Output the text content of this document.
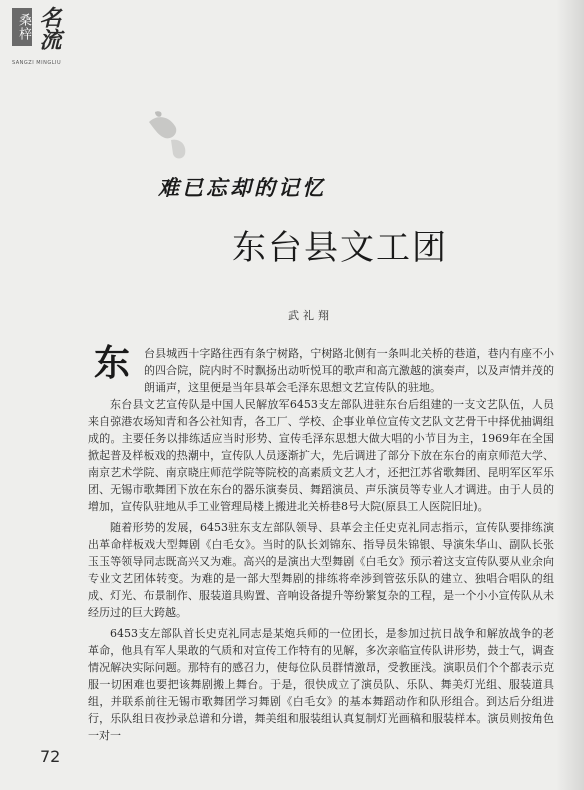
桑梓 名流
SANGZI MINGLIU
难已忘却的记忆
东台县文工团
武礼翔
东 台县城西十字路往西有条宁树路，宁树路北侧有一条叫北关桥的巷道，巷内有座不小的四合院，院内时不时飘扬出动听悦耳的歌声和高亢激越的演奏声，以及声情并茂的朗诵声，这里便是当年县革会毛泽东思想文艺宣传队的驻地。

东台县文艺宣传队是中国人民解放军6453支左部队进驻东台后组建的一支文艺队伍，人员来自弶港农场知青和各公社知青，各工厂、学校、企事业单位宣传文艺队文艺骨干中择优抽调组成的。主要任务以排练适应当时形势、宣传毛泽东思想大做大唱的小节目为主，1969年在全国掀起普及样板戏的热潮中，宣传队人员逐渐扩大，先后调进了部分下放在东台的南京师范大学、南京艺术学院、南京晓庄师范学院等院校的高素质文艺人才，还把江苏省歌舞团、昆明军区军乐团、无锡市歌舞团下放在东台的器乐演奏员、舞蹈演员、声乐演员等专业人才调进。由于人员的增加，宣传队驻地从手工业管理局楼上搬进北关桥巷8号大院(原县工人医院旧址)。

随着形势的发展，6453驻东支左部队领导、县革会主任史克礼同志指示，宣传队要排练演出革命样板戏大型舞剧《白毛女》。当时的队长刘锦东、指导员朱锦银、导演朱华山、副队长张玉玉等领导同志既高兴又为难。高兴的是演出大型舞剧《白毛女》预示着这支宣传队要从业余向专业文艺团体转变。为难的是一部大型舞剧的排练将牵涉到管弦乐队的建立、独唱合唱队的组成、灯光、布景制作、服装道具购置、音响设备提升等纷繁复杂的工程，是一个小小宣传队从未经历过的巨大跨越。

6453支左部队首长史克礼同志是某炮兵师的一位团长，是参加过抗日战争和解放战争的老革命，他具有军人果敢的气质和对宣传工作特有的见解，多次亲临宣传队讲形势，鼓士气，调查情况解决实际问题。那特有的感召力，使每位队员群情激昂，受教匪浅。演职员们个个都表示克服一切困难也要把该舞剧搬上舞台。于是，很快成立了演员队、乐队、舞美灯光组、服装道具组，并联系前往无锡市歌舞团学习舞剧《白毛女》的基本舞蹈动作和队形组合。到达后分组进行，乐队组日夜抄录总谱和分谱，舞美组和服装组认真复制灯光画稿和服装样本。演员则按角色一对一

72
